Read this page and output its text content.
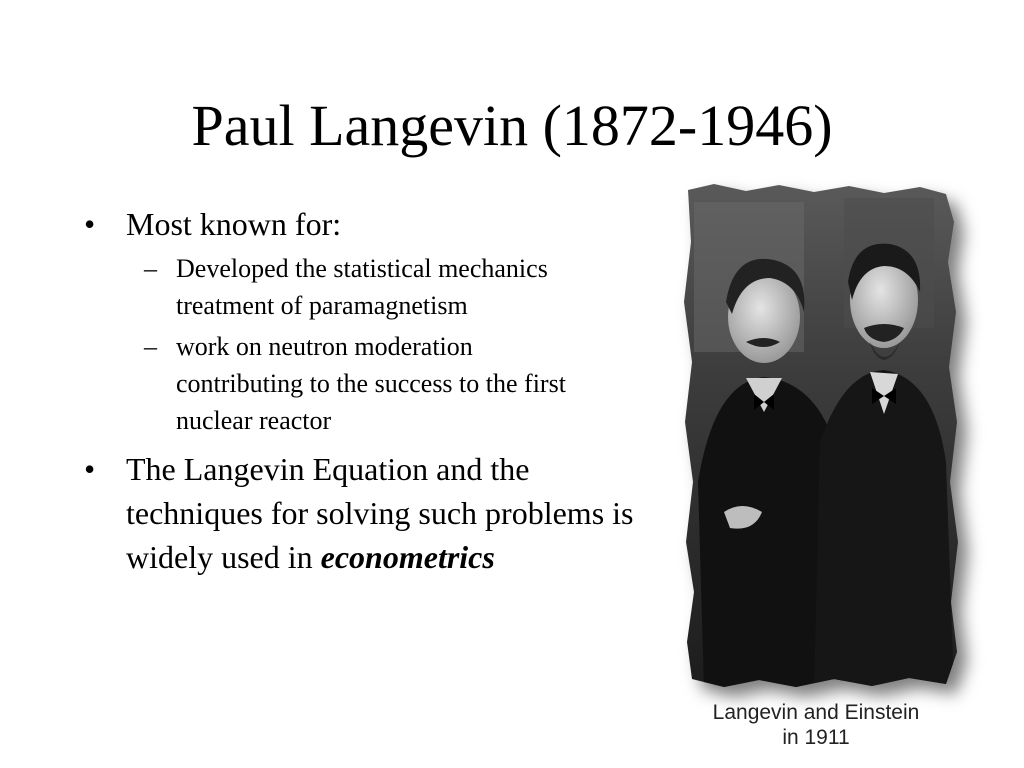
Paul Langevin (1872-1946)
• Most known for:
– Developed the statistical mechanics treatment of paramagnetism
– work on neutron moderation contributing to the success to the first nuclear reactor
• The Langevin Equation and the techniques for solving such problems is widely used in econometrics
Langevin and Einstein
in 1911
